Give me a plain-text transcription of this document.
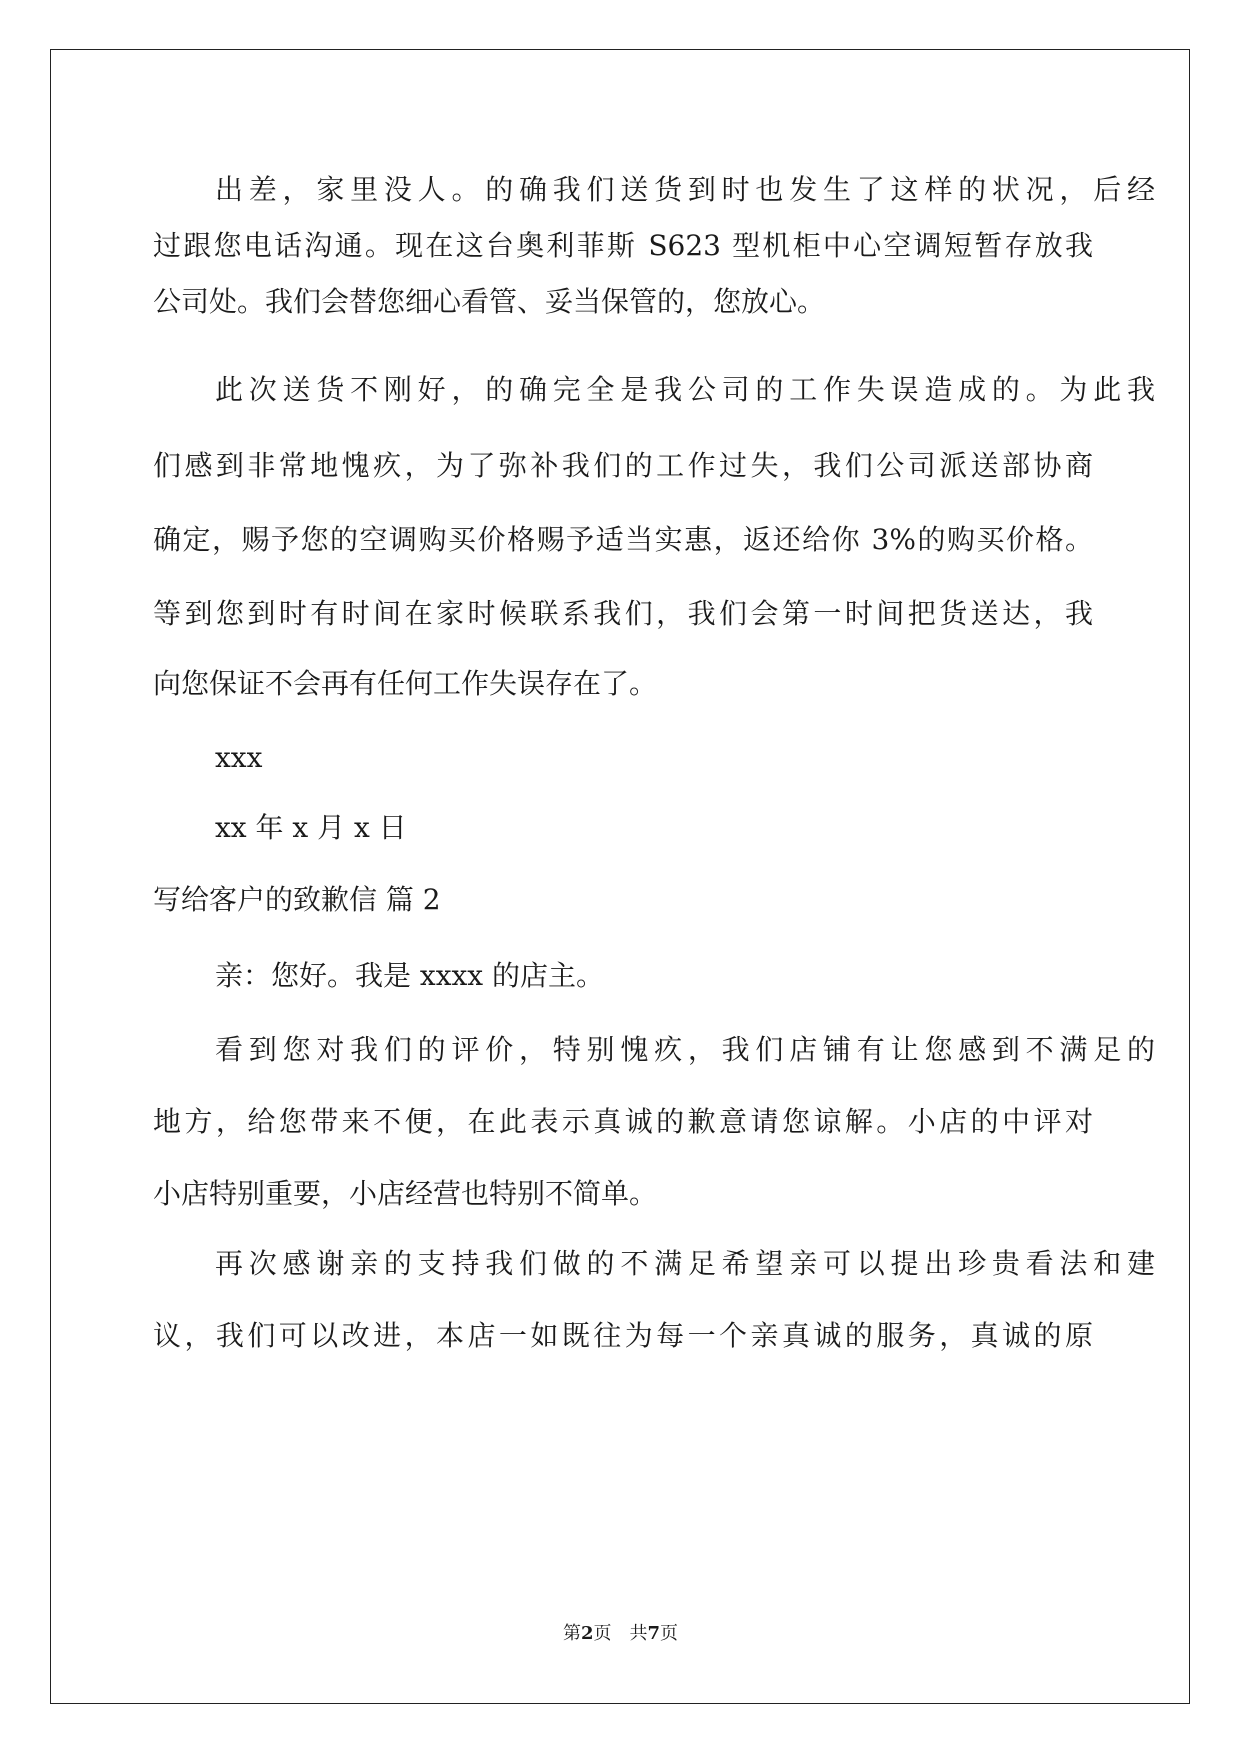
出差，家里没人。的确我们送货到时也发生了这样的状况，后经
过跟您电话沟通。现在这台奥利菲斯 S623 型机柜中心空调短暂存放我
公司处。我们会替您细心看管、妥当保管的，您放心。
此次送货不刚好，的确完全是我公司的工作失误造成的。为此我
们感到非常地愧疚，为了弥补我们的工作过失，我们公司派送部协商
确定，赐予您的空调购买价格赐予适当实惠，返还给你 3%的购买价格。
等到您到时有时间在家时候联系我们，我们会第一时间把货送达，我
向您保证不会再有任何工作失误存在了。
xxx
xx 年 x 月 x 日
写给客户的致歉信 篇 2
亲：您好。我是 xxxx 的店主。
看到您对我们的评价，特别愧疚，我们店铺有让您感到不满足的
地方，给您带来不便，在此表示真诚的歉意请您谅解。小店的中评对
小店特别重要，小店经营也特别不简单。
再次感谢亲的支持我们做的不满足希望亲可以提出珍贵看法和建
议，我们可以改进，本店一如既往为每一个亲真诚的服务，真诚的原
第2页　共7页
